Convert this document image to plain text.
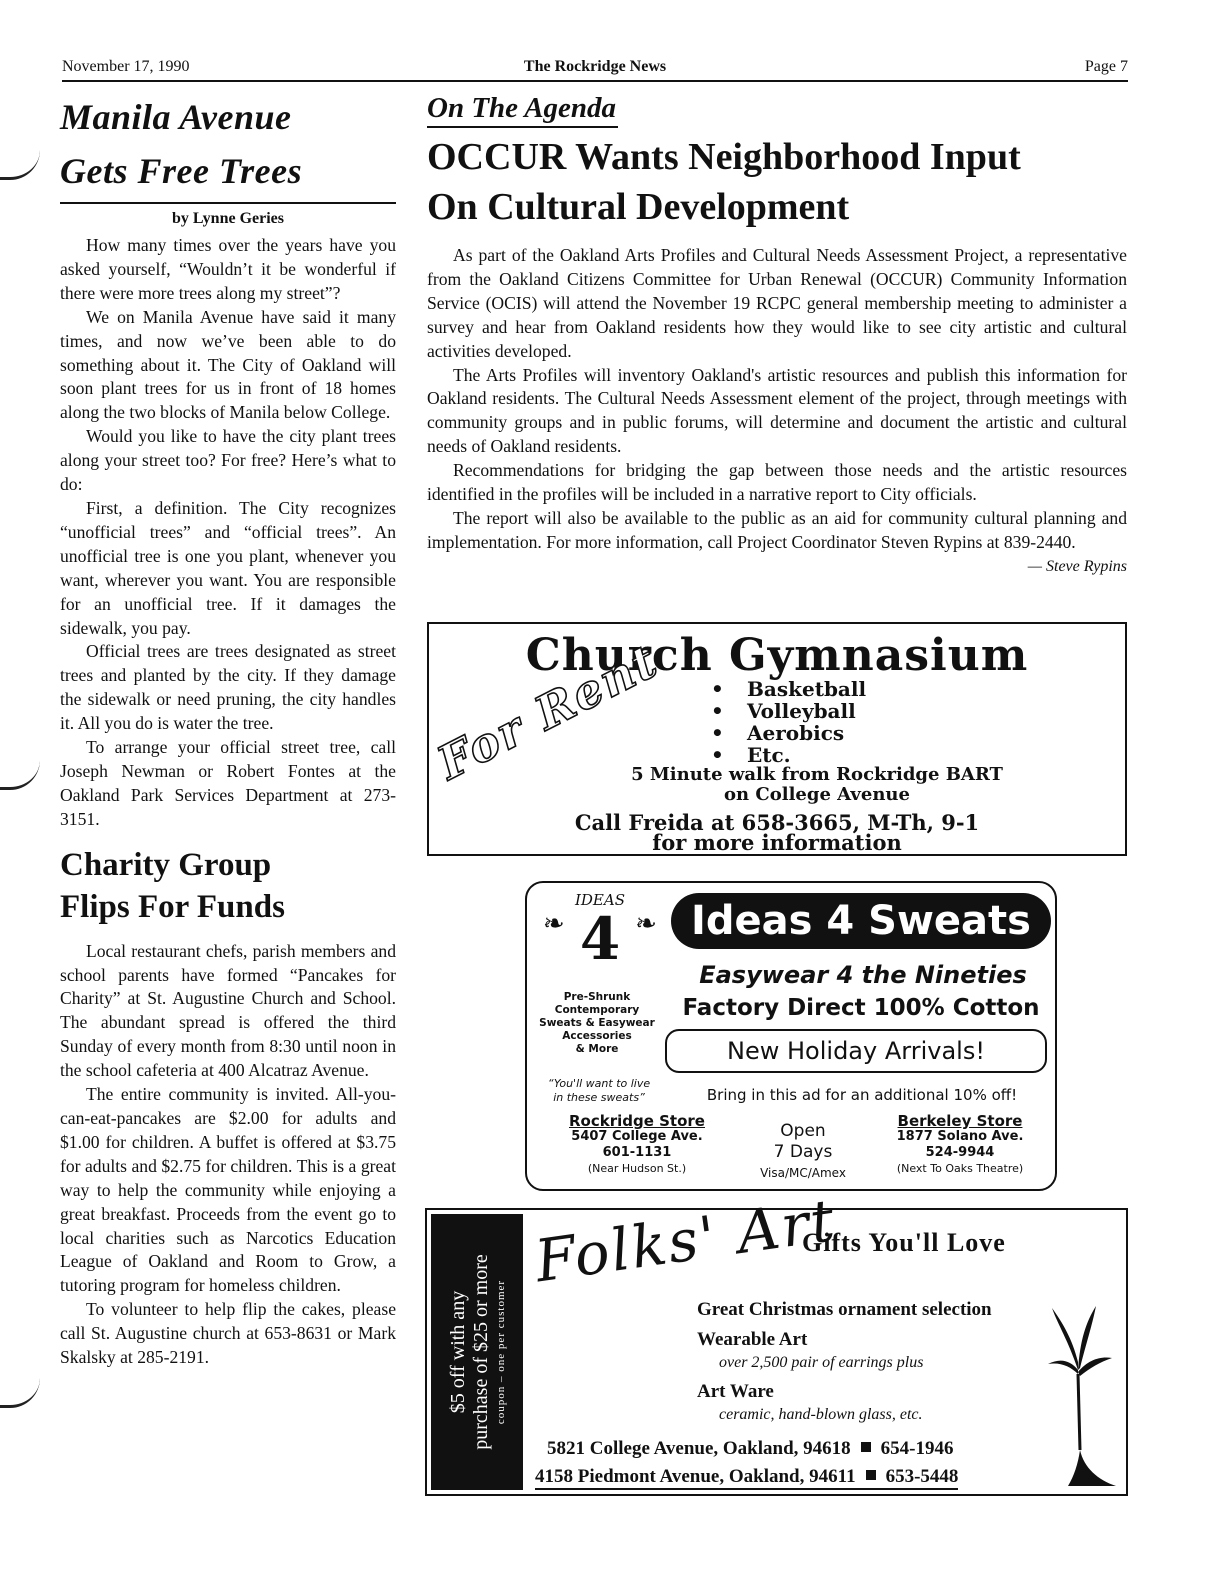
November 17, 1990	The Rockridge News	Page 7
Manila Avenue
Gets Free Trees
by Lynne Geries

How many times over the years have you asked yourself, “Wouldn’t it be wonderful if there were more trees along my street”?

We on Manila Avenue have said it many times, and now we’ve been able to do something about it. The City of Oakland will soon plant trees for us in front of 18 homes along the two blocks of Manila below College.

Would you like to have the city plant trees along your street too? For free? Here’s what to do:

First, a definition. The City recognizes “unofficial trees” and “official trees”. An unofficial tree is one you plant, whenever you want, wherever you want. You are responsible for an unofficial tree. If it damages the sidewalk, you pay.

Official trees are trees designated as street trees and planted by the city. If they damage the sidewalk or need pruning, the city handles it. All you do is water the tree.

To arrange your official street tree, call Joseph Newman or Robert Fontes at the Oakland Park Services Department at 273-3151.

Charity Group
Flips For Funds

Local restaurant chefs, parish members and school parents have formed “Pancakes for Charity” at St. Augustine Church and School. The abundant spread is offered the third Sunday of every month from 8:30 until noon in the school cafeteria at 400 Alcatraz Avenue.

The entire community is invited. All-you-can-eat-pancakes are $2.00 for adults and $1.00 for children. A buffet is offered at $3.75 for adults and $2.75 for children. This is a great way to help the community while enjoying a great breakfast. Proceeds from the event go to local charities such as Narcotics Education League of Oakland and Room to Grow, a tutoring program for homeless children.

To volunteer to help flip the cakes, please call St. Augustine church at 653-8631 or Mark Skalsky at 285-2191.

On The Agenda
OCCUR Wants Neighborhood Input
On Cultural Development

As part of the Oakland Arts Profiles and Cultural Needs Assessment Project, a representative from the Oakland Citizens Committee for Urban Renewal (OCCUR) Community Information Service (OCIS) will attend the November 19 RCPC general membership meeting to administer a survey and hear from Oakland residents how they would like to see city artistic and cultural activities developed.

The Arts Profiles will inventory Oakland's artistic resources and publish this information for Oakland residents. The Cultural Needs Assessment element of the project, through meetings with community groups and in public forums, will determine and document the artistic and cultural needs of Oakland residents.

Recommendations for bridging the gap between those needs and the artistic resources identified in the profiles will be included in a narrative report to City officials.

The report will also be available to the public as an aid for community cultural planning and implementation. For more information, call Project Coordinator Steven Rypins at 839-2440.

— Steve Rypins
Church Gymnasium
For Rent
•	Basketball
• Volleyball
• Aerobics
• Etc.
5 Minute walk from Rockridge BART
on College Avenue
Call Freida at 658-3665, M-Th, 9-1
for more information
❧	❧
IDEAS
4	Ideas 4 Sweats
Easywear 4 the Nineties
Factory Direct 100% Cotton
Pre-Shrunk
Contemporary
Sweats & Easywear
Accessories
& More	New Holiday Arrivals!
“You'll want to live
in these sweats”	Bring in this ad for an additional 10% off!
Rockridge Store
5407 College Ave.
601-1131
(Near Hudson St.)
Open
7 Days
Visa/MC/Amex
Berkeley Store
1877 Solano Ave.
524-9944
(Next To Oaks Theatre)
$5 off with any purchase of $25 or more coupon – one per customer
Folks' Art
Gifts You'll Love
Great Christmas ornament selection
Wearable Art
over 2,500 pair of earrings plus
Art Ware
ceramic, hand-blown glass, etc.
5821 College Avenue, Oakland, 94618 654-1946
4158 Piedmont Avenue, Oakland, 94611 653-5448
